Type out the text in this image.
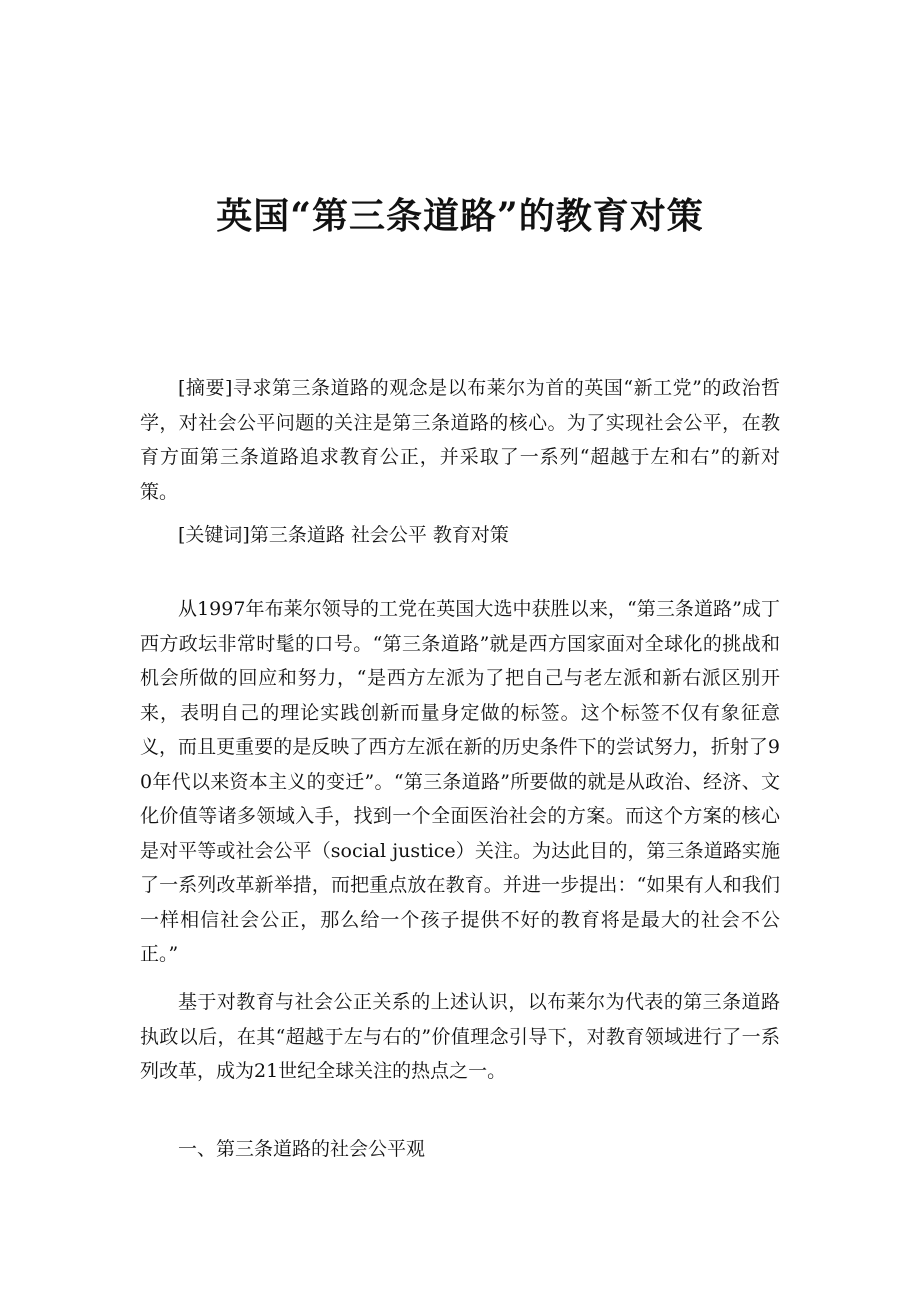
英国“第三条道路”的教育对策

[摘要]寻求第三条道路的观念是以布莱尔为首的英国“新工党”的政治哲学，对社会公平问题的关注是第三条道路的核心。为了实现社会公平，在教育方面第三条道路追求教育公正，并采取了一系列“超越于左和右”的新对策。

[关键词]第三条道路 社会公平 教育对策

从1997年布莱尔领导的工党在英国大选中获胜以来，“第三条道路”成丁西方政坛非常时髦的口号。“第三条道路”就是西方国家面对全球化的挑战和机会所做的回应和努力，“是西方左派为了把自己与老左派和新右派区别开来，表明自己的理论实践创新而量身定做的标签。这个标签不仅有象征意义，而且更重要的是反映了西方左派在新的历史条件下的尝试努力，折射了90年代以来资本主义的变迁”。“第三条道路”所要做的就是从政治、经济、文化价值等诸多领域入手，找到一个全面医治社会的方案。而这个方案的核心是对平等或社会公平（social justice）关注。为达此目的，第三条道路实施了一系列改革新举措，而把重点放在教育。并进一步提出：“如果有人和我们一样相信社会公正，那么给一个孩子提供不好的教育将是最大的社会不公正。”

基于对教育与社会公正关系的上述认识，以布莱尔为代表的第三条道路执政以后，在其“超越于左与右的”价值理念引导下，对教育领域进行了一系列改革，成为21世纪全球关注的热点之一。

一、第三条道路的社会公平观
